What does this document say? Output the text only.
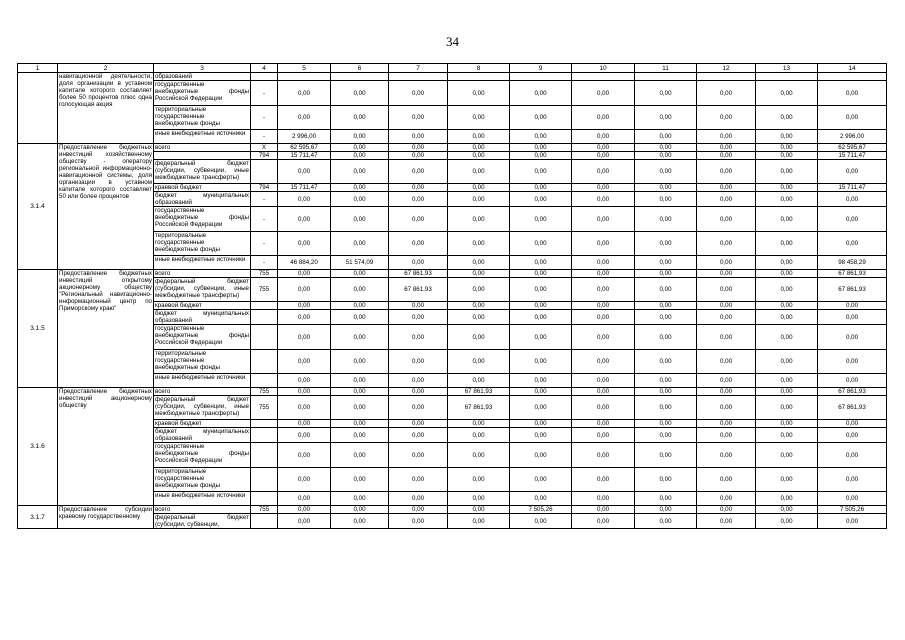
34
1	2	3	4	5	6	7	8	9	10	11	12	13	14
	навигационной деятельности, доля организации в уставном капитале которого составляет более 50 процентов плюс одна голосующая акция	образований											
		государственные внебюджетные фонды Российской Федерации	-	0,00	0,00	0,00	0,00	0,00	0,00	0,00	0,00	0,00	0,00
		территориальные государственные внебюджетные фонды	-	0,00	0,00	0,00	0,00	0,00	0,00	0,00	0,00	0,00	0,00
		иные внебюджетные источники	-	2 996,00	0,00	0,00	0,00	0,00	0,00	0,00	0,00	0,00	2 996,00
3.1.4	Предоставление бюджетных инвестиций хозяйственному обществу - оператору региональной информационно-навигационной системы, доля организации в уставном капитале которого составляет 50 или более процентов	всего	X	62 595,67	0,00	0,00	0,00	0,00	0,00	0,00	0,00	0,00	62 595,67
			794	15 711,47	0,00	0,00	0,00	0,00	0,00	0,00	0,00	0,00	15 711,47
		федеральный бюджет (субсидии, субвенции, иные межбюджетные трансферты)		0,00	0,00	0,00	0,00	0,00	0,00	0,00	0,00	0,00	0,00
		краевой бюджет	794	15 711,47	0,00	0,00	0,00	0,00	0,00	0,00	0,00	0,00	15 711,47
		бюджет муниципальных образований	-	0,00	0,00	0,00	0,00	0,00	0,00	0,00	0,00	0,00	0,00
		государственные внебюджетные фонды Российской Федерации	-	0,00	0,00	0,00	0,00	0,00	0,00	0,00	0,00	0,00	0,00
		территориальные государственные внебюджетные фонды	-	0,00	0,00	0,00	0,00	0,00	0,00	0,00	0,00	0,00	0,00
		иные внебюджетные источники	-	46 884,20	51 574,09	0,00	0,00	0,00	0,00	0,00	0,00	0,00	98 458,29
3.1.5	Предоставление бюджетных инвестиций открытому акционерному обществу "Региональный навигационно-информационный центр по Приморскому краю"	всего	755	0,00	0,00	67 861,93	0,00	0,00	0,00	0,00	0,00	0,00	67 861,93
		федеральный бюджет (субсидии, субвенции, иные межбюджетные трансферты)	755	0,00	0,00	67 861,93	0,00	0,00	0,00	0,00	0,00	0,00	67 861,93
		краевой бюджет		0,00	0,00	0,00	0,00	0,00	0,00	0,00	0,00	0,00	0,00
		бюджет муниципальных образований		0,00	0,00	0,00	0,00	0,00	0,00	0,00	0,00	0,00	0,00
		государственные внебюджетные фонды Российской Федерации		0,00	0,00	0,00	0,00	0,00	0,00	0,00	0,00	0,00	0,00
		территориальные государственные внебюджетные фонды		0,00	0,00	0,00	0,00	0,00	0,00	0,00	0,00	0,00	0,00
		иные внебюджетные источники		0,00	0,00	0,00	0,00	0,00	0,00	0,00	0,00	0,00	0,00
3.1.6	Предоставление бюджетных инвестиций акционерному обществу	всего	755	0,00	0,00	0,00	67 861,93	0,00	0,00	0,00	0,00	0,00	67 861,93
		федеральный бюджет (субсидии, субвенции, иные межбюджетные трансферты)	755	0,00	0,00	0,00	67 861,93	0,00	0,00	0,00	0,00	0,00	67 861,93
		краевой бюджет		0,00	0,00	0,00	0,00	0,00	0,00	0,00	0,00	0,00	0,00
		бюджет муниципальных образований		0,00	0,00	0,00	0,00	0,00	0,00	0,00	0,00	0,00	0,00
		государственные внебюджетные фонды Российской Федерации		0,00	0,00	0,00	0,00	0,00	0,00	0,00	0,00	0,00	0,00
		территориальные государственные внебюджетные фонды		0,00	0,00	0,00	0,00	0,00	0,00	0,00	0,00	0,00	0,00
		иные внебюджетные источники		0,00	0,00	0,00	0,00	0,00	0,00	0,00	0,00	0,00	0,00
3.1.7	Предоставление субсидии краевому государственному	всего	755	0,00	0,00	0,00	0,00	7 505,26	0,00	0,00	0,00	0,00	7 505,26
		федеральный бюджет (субсидии, субвенции,		0,00	0,00	0,00	0,00	0,00	0,00	0,00	0,00	0,00	0,00
